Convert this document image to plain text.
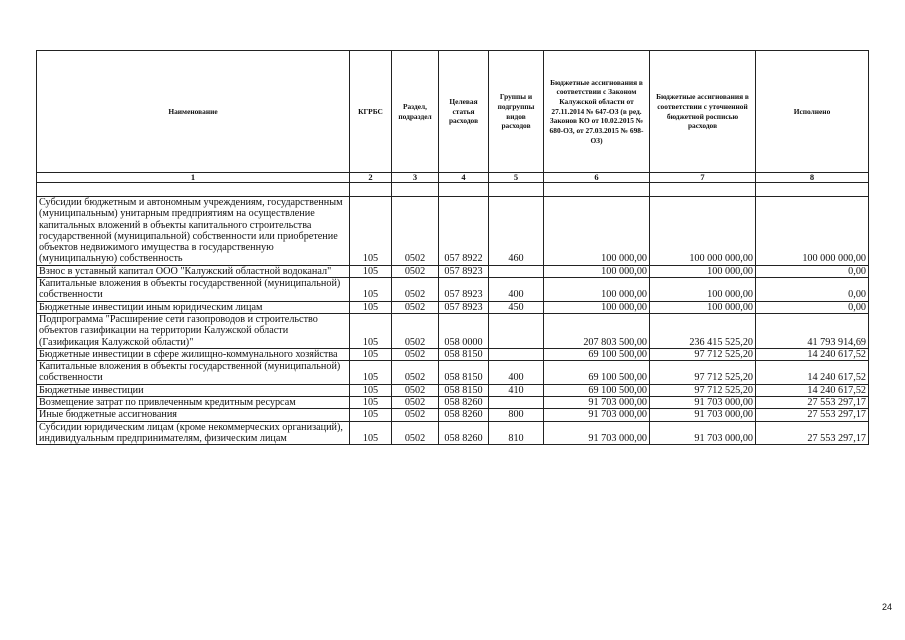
Наименование	КГРБС	Раздел, подраздел	Целевая статья расходов	Группы и подгруппы видов расходов	Бюджетные ассигнования в соответствии с Законом Калужской области от 27.11.2014 № 647-ОЗ (в ред. Законов КО от 10.02.2015 № 680-ОЗ, от 27.03.2015 № 698-ОЗ)	Бюджетные ассигнования в соответствии с уточненной бюджетной росписью расходов	Исполнено
1	2	3	4	5	6	7	8

Субсидии бюджетным и автономным учреждениям, государственным (муниципальным) унитарным предприятиям на осуществление капитальных вложений в объекты капитального строительства государственной (муниципальной) собственности или приобретение объектов недвижимого имущества в государственную (муниципальную) собственность	105	0502	057 8922	460	100 000,00	100 000 000,00	100 000 000,00
Взнос в уставный капитал ООО "Калужский областной водоканал"	105	0502	057 8923		100 000,00	100 000,00	0,00
Капитальные вложения в объекты государственной (муниципальной) собственности	105	0502	057 8923	400	100 000,00	100 000,00	0,00
Бюджетные инвестиции иным юридическим лицам	105	0502	057 8923	450	100 000,00	100 000,00	0,00
Подпрограмма "Расширение сети газопроводов и строительство объектов газификации на территории Калужской области (Газификация Калужской области)"	105	0502	058 0000		207 803 500,00	236 415 525,20	41 793 914,69
Бюджетные инвестиции в сфере жилищно-коммунального хозяйства	105	0502	058 8150		69 100 500,00	97 712 525,20	14 240 617,52
Капитальные вложения в объекты государственной (муниципальной) собственности	105	0502	058 8150	400	69 100 500,00	97 712 525,20	14 240 617,52
Бюджетные инвестиции	105	0502	058 8150	410	69 100 500,00	97 712 525,20	14 240 617,52
Возмещение затрат по привлеченным кредитным ресурсам	105	0502	058 8260		91 703 000,00	91 703 000,00	27 553 297,17
Иные бюджетные ассигнования	105	0502	058 8260	800	91 703 000,00	91 703 000,00	27 553 297,17
Субсидии юридическим лицам (кроме некоммерческих организаций), индивидуальным предпринимателям, физическим лицам	105	0502	058 8260	810	91 703 000,00	91 703 000,00	27 553 297,17
24
